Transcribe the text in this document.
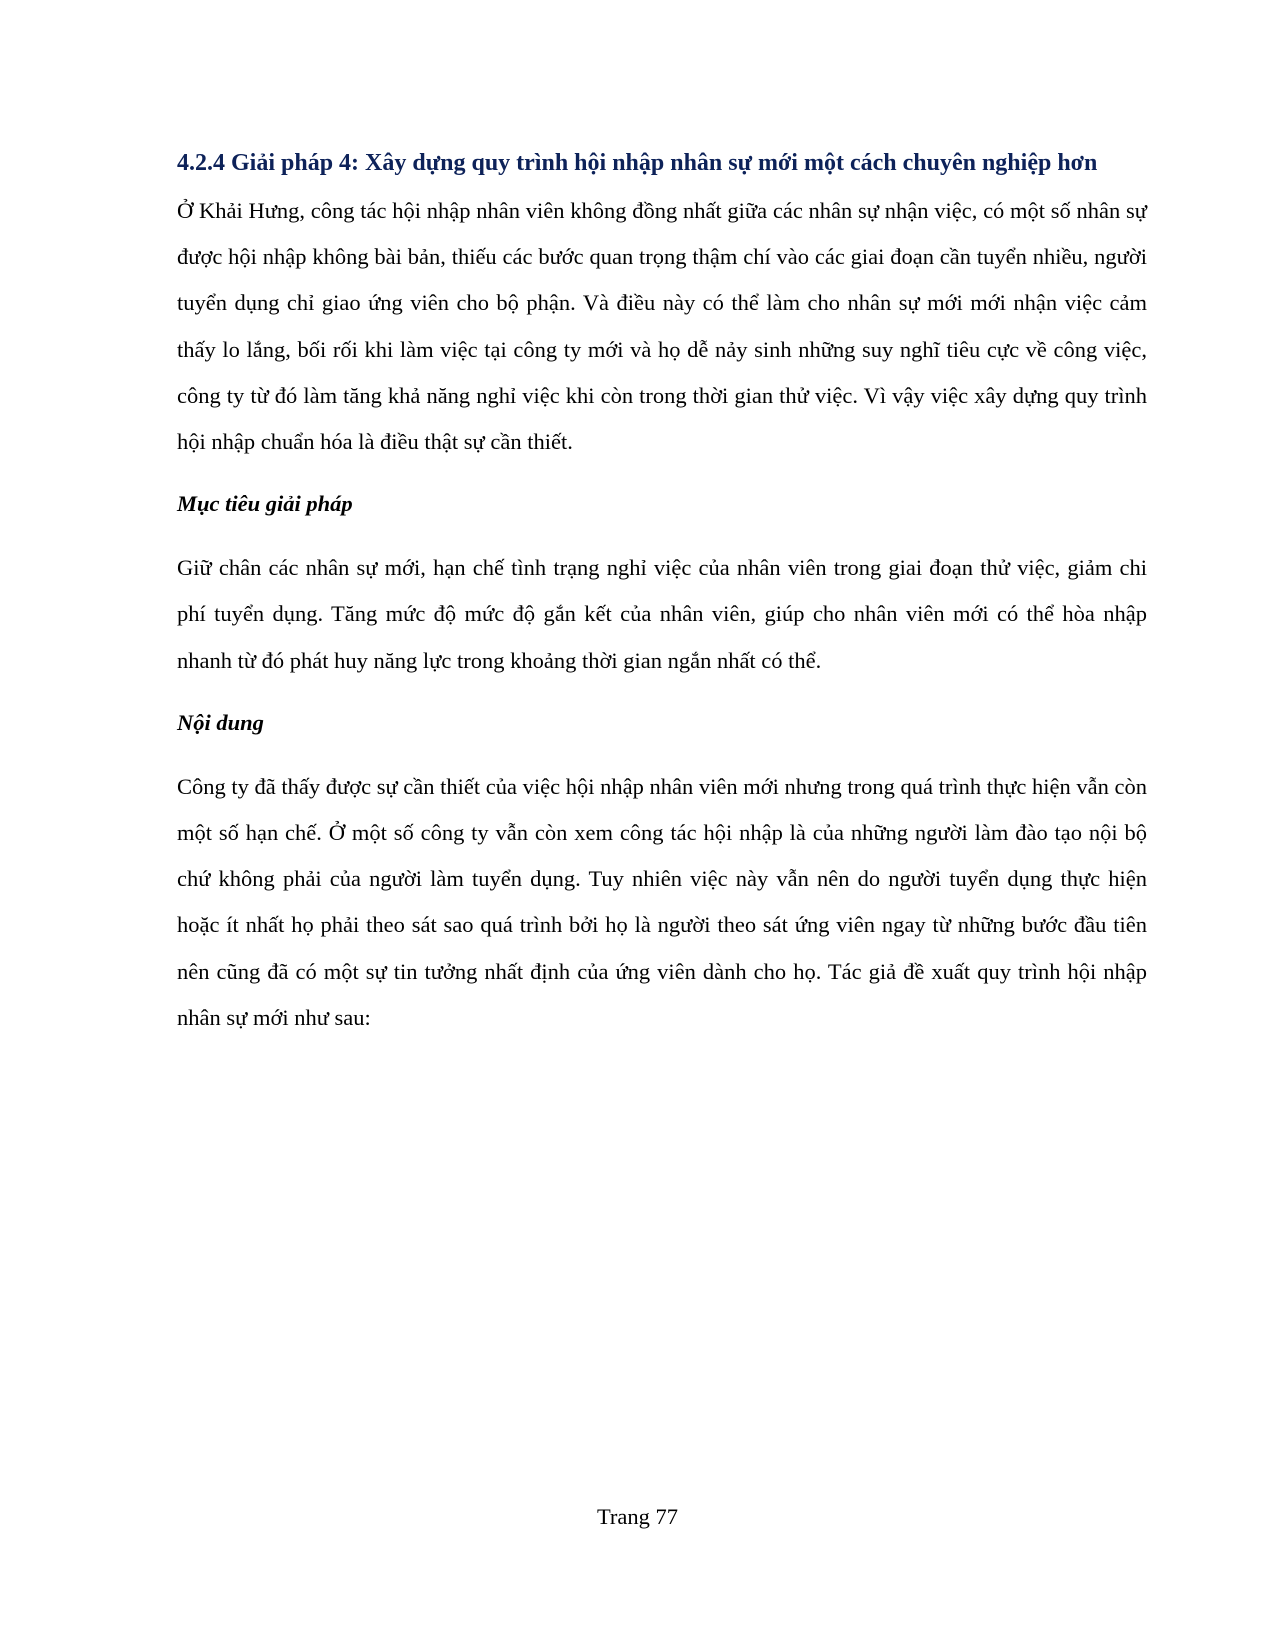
4.2.4 Giải pháp 4: Xây dựng quy trình hội nhập nhân sự mới một cách chuyên nghiệp hơn

Ở Khải Hưng, công tác hội nhập nhân viên không đồng nhất giữa các nhân sự nhận việc, có một số nhân sự được hội nhập không bài bản, thiếu các bước quan trọng thậm chí vào các giai đoạn cần tuyển nhiều, người tuyển dụng chỉ giao ứng viên cho bộ phận. Và điều này có thể làm cho nhân sự mới mới nhận việc cảm thấy lo lắng, bối rối khi làm việc tại công ty mới và họ dễ nảy sinh những suy nghĩ tiêu cực về công việc, công ty từ đó làm tăng khả năng nghỉ việc khi còn trong thời gian thử việc. Vì vậy việc xây dựng quy trình hội nhập chuẩn hóa là điều thật sự cần thiết.

Mục tiêu giải pháp

Giữ chân các nhân sự mới, hạn chế tình trạng nghỉ việc của nhân viên trong giai đoạn thử việc, giảm chi phí tuyển dụng. Tăng mức độ mức độ gắn kết của nhân viên, giúp cho nhân viên mới có thể hòa nhập nhanh từ đó phát huy năng lực trong khoảng thời gian ngắn nhất có thể.

Nội dung

Công ty đã thấy được sự cần thiết của việc hội nhập nhân viên mới nhưng trong quá trình thực hiện vẫn còn một số hạn chế. Ở một số công ty vẫn còn xem công tác hội nhập là của những người làm đào tạo nội bộ chứ không phải của người làm tuyển dụng. Tuy nhiên việc này vẫn nên do người tuyển dụng thực hiện hoặc ít nhất họ phải theo sát sao quá trình bởi họ là người theo sát ứng viên ngay từ những bước đầu tiên nên cũng đã có một sự tin tưởng nhất định của ứng viên dành cho họ. Tác giả đề xuất quy trình hội nhập nhân sự mới như sau:

Trang 77
